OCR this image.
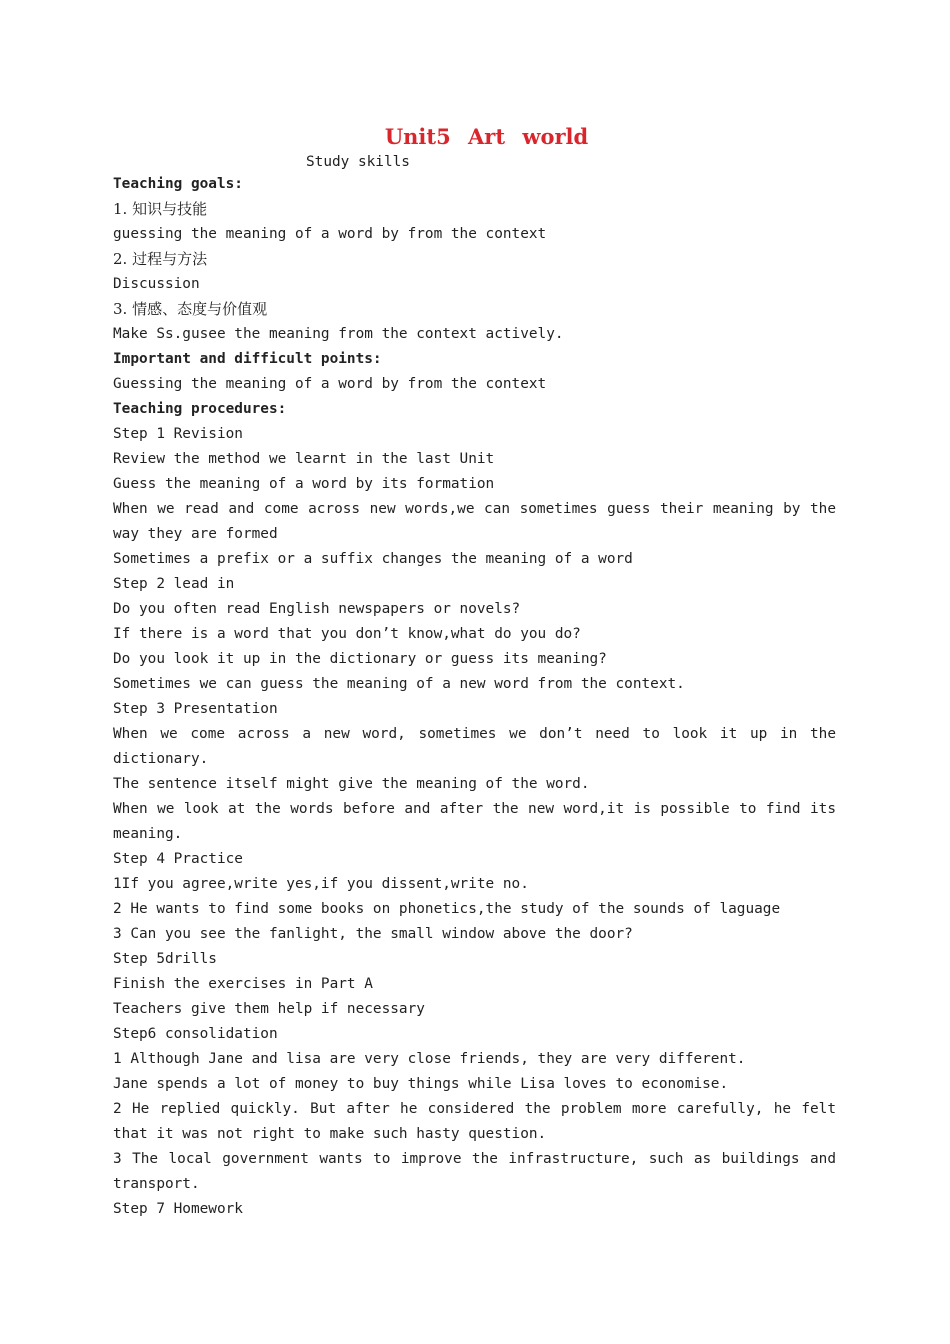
Unit5 Art world
Study skills
Teaching goals:
1. 知识与技能
guessing the meaning of a word by from the context
2. 过程与方法
Discussion
3. 情感、态度与价值观
Make Ss.gusee the meaning from the context actively.
Important and difficult points:
Guessing the meaning of a word by from the context
Teaching procedures:
Step 1 Revision
Review the method we learnt in the last Unit
Guess the meaning of a word by its formation
When we read and come across new words,we can sometimes guess their meaning by the way they are formed
Sometimes a prefix or a suffix changes the meaning of a word
Step 2 lead in
Do you often read English newspapers or novels?
If there is a word that you don’t know,what do you do?
Do you look it up in the dictionary or guess its meaning?
Sometimes we can guess the meaning of a new word from the context.
Step 3 Presentation
When we come across a new word, sometimes we don’t need to look it up in the dictionary.
The sentence itself might give the meaning of the word.
When we look at the words before and after the new word,it is possible to find its meaning.
Step 4 Practice
1If you agree,write yes,if you dissent,write no.
2 He wants to find some books on phonetics,the study of the sounds of laguage
3 Can you see the fanlight, the small window above the door?
Step 5drills
Finish the exercises in Part A
Teachers give them help if necessary
Step6 consolidation
1 Although Jane and lisa are very close friends, they are very different.
Jane spends a lot of money to buy things while Lisa loves to economise.
2 He replied quickly. But after he considered the problem more carefully, he felt that it was not right to make such hasty question.
3 The local government wants to improve the infrastructure, such as buildings and transport.
Step 7 Homework
